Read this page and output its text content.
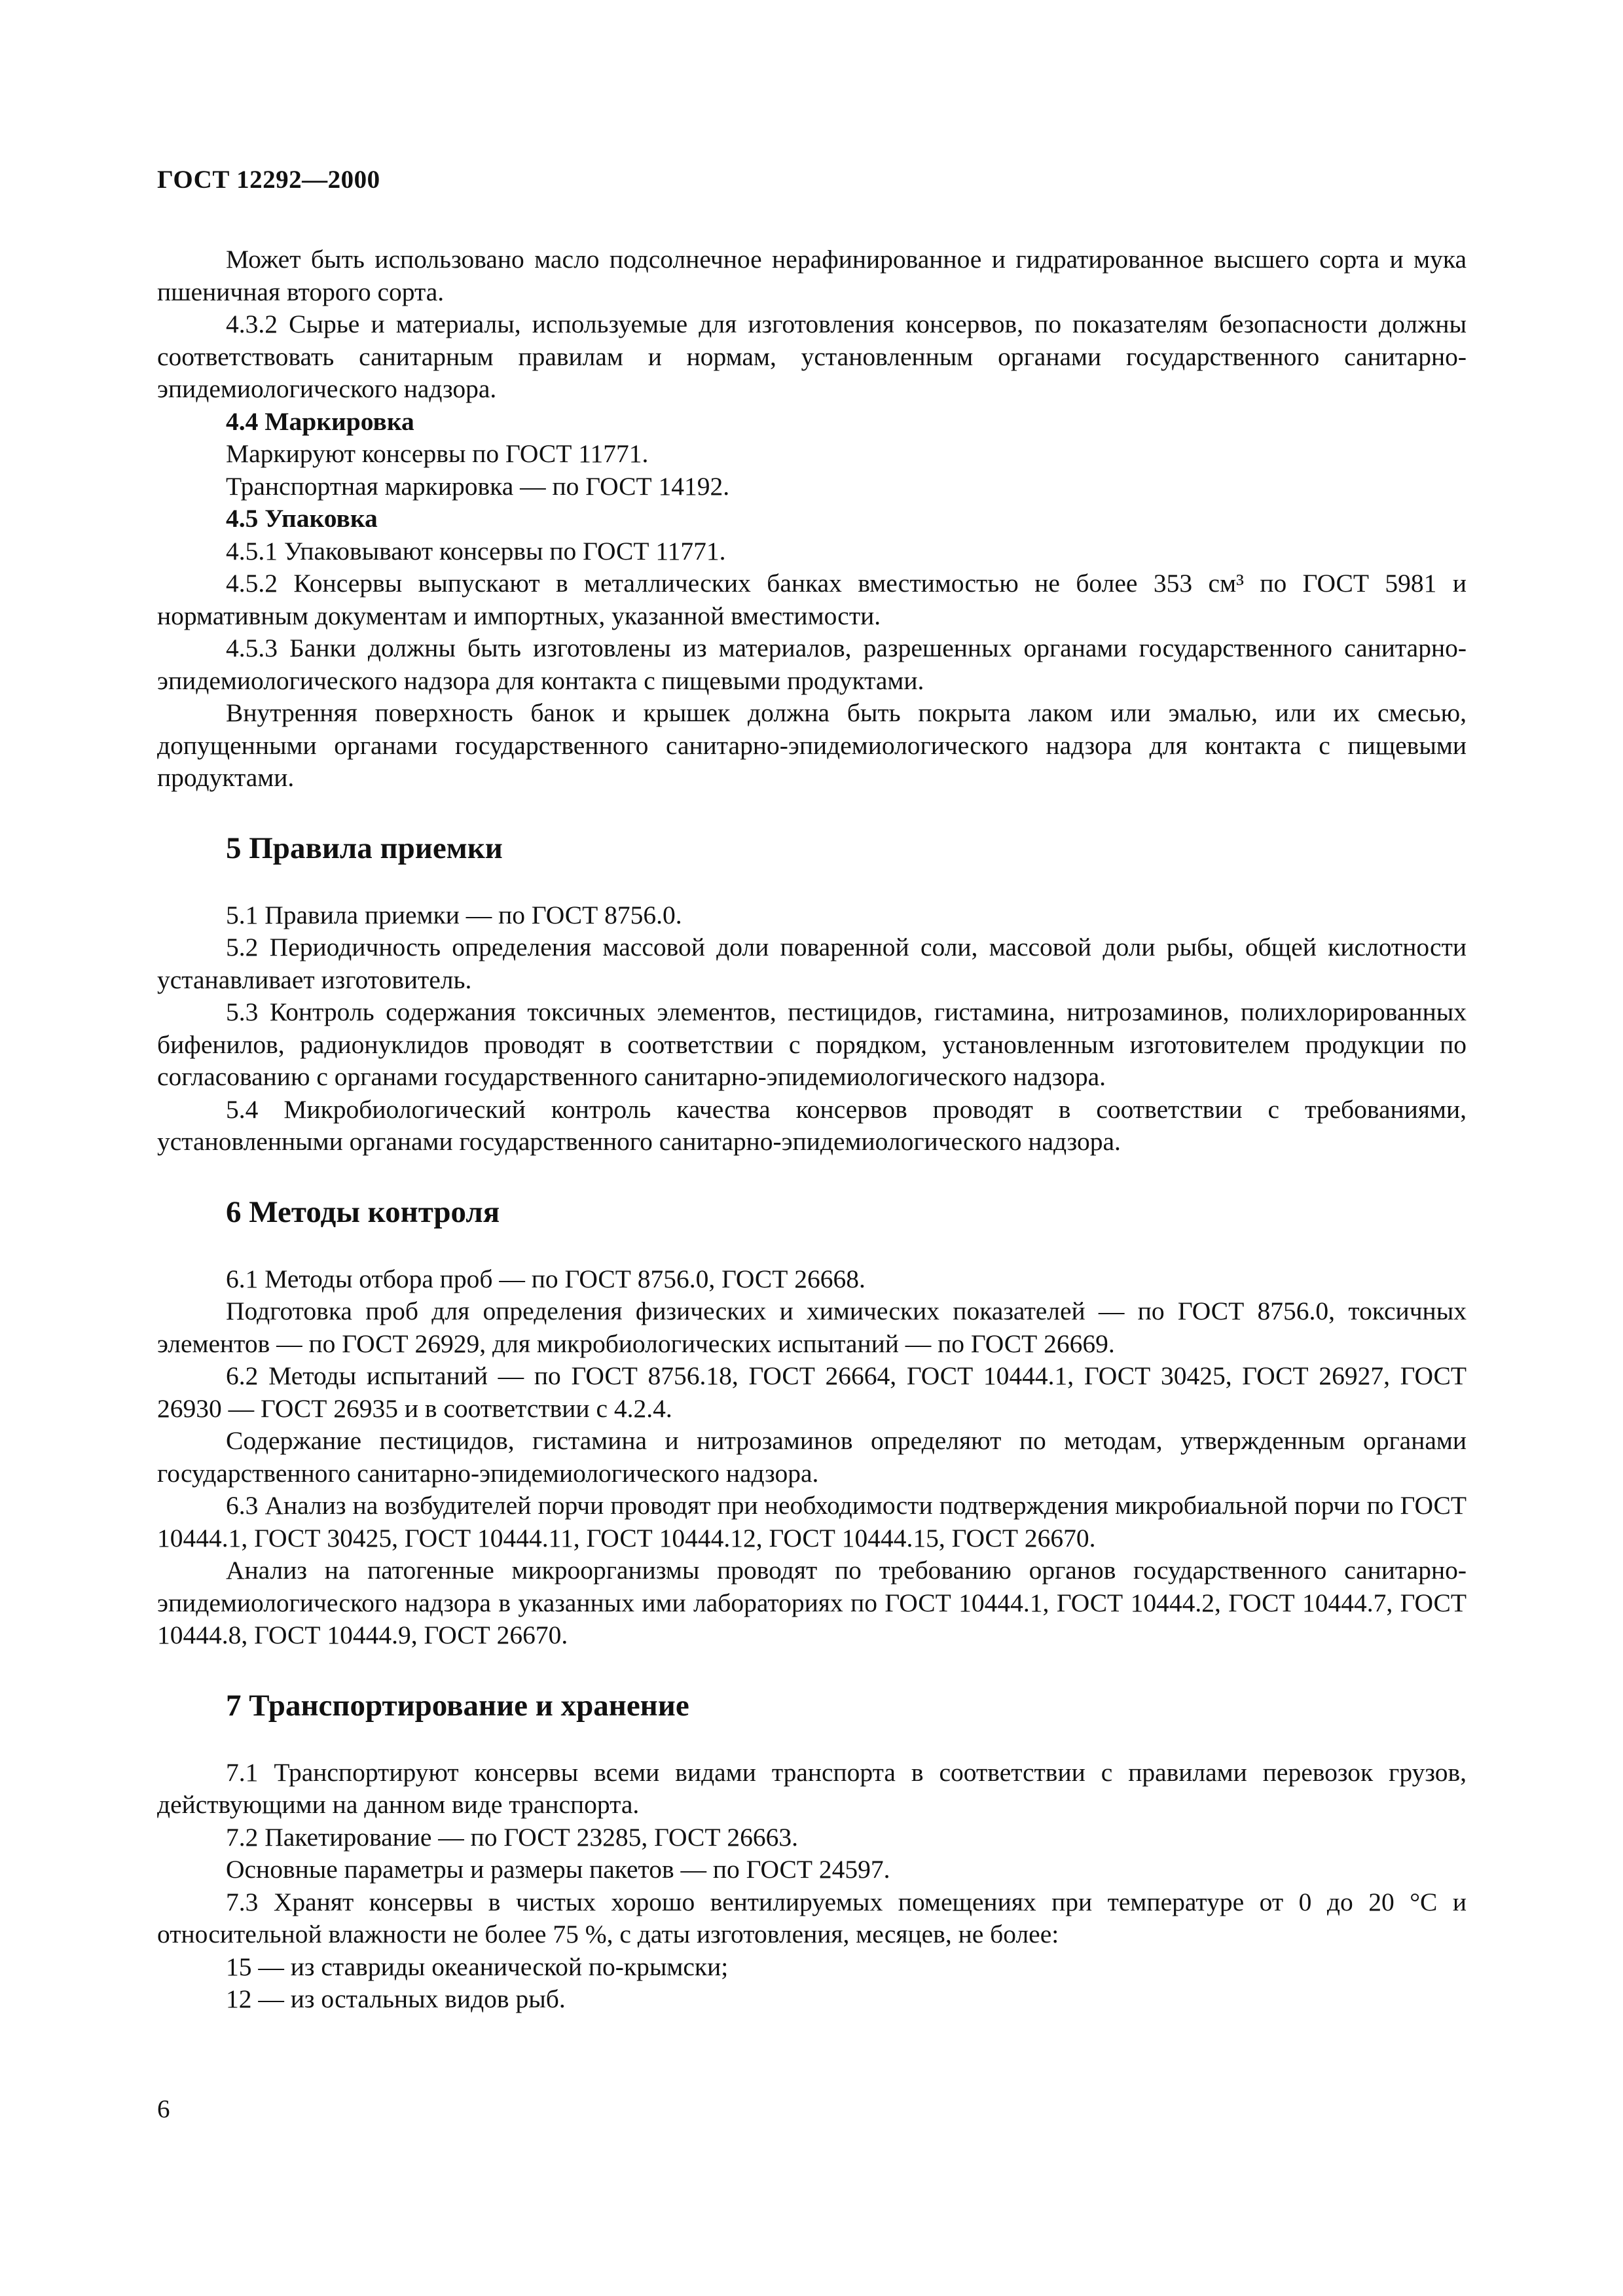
ГОСТ 12292—2000

Может быть использовано масло подсолнечное нерафинированное и гидратированное высшего сорта и мука пшеничная второго сорта.

4.3.2 Сырье и материалы, используемые для изготовления консервов, по показателям безопасности должны соответствовать санитарным правилам и нормам, установленным органами государственного санитарно-эпидемиологического надзора.

4.4 Маркировка

Маркируют консервы по ГОСТ 11771.

Транспортная маркировка — по ГОСТ 14192.

4.5 Упаковка

4.5.1 Упаковывают консервы по ГОСТ 11771.

4.5.2 Консервы выпускают в металлических банках вместимостью не более 353 см³ по ГОСТ 5981 и нормативным документам и импортных, указанной вместимости.

4.5.3 Банки должны быть изготовлены из материалов, разрешенных органами государственного санитарно-эпидемиологического надзора для контакта с пищевыми продуктами.

Внутренняя поверхность банок и крышек должна быть покрыта лаком или эмалью, или их смесью, допущенными органами государственного санитарно-эпидемиологического надзора для контакта с пищевыми продуктами.

5 Правила приемки

5.1 Правила приемки — по ГОСТ 8756.0.

5.2 Периодичность определения массовой доли поваренной соли, массовой доли рыбы, общей кислотности устанавливает изготовитель.

5.3 Контроль содержания токсичных элементов, пестицидов, гистамина, нитрозаминов, полихлорированных бифенилов, радионуклидов проводят в соответствии с порядком, установленным изготовителем продукции по согласованию с органами государственного санитарно-эпидемиологического надзора.

5.4 Микробиологический контроль качества консервов проводят в соответствии с требованиями, установленными органами государственного санитарно-эпидемиологического надзора.

6 Методы контроля

6.1 Методы отбора проб — по ГОСТ 8756.0, ГОСТ 26668.

Подготовка проб для определения физических и химических показателей — по ГОСТ 8756.0, токсичных элементов — по ГОСТ 26929, для микробиологических испытаний — по ГОСТ 26669.

6.2 Методы испытаний — по ГОСТ 8756.18, ГОСТ 26664, ГОСТ 10444.1, ГОСТ 30425, ГОСТ 26927, ГОСТ 26930 — ГОСТ 26935 и в соответствии с 4.2.4.

Содержание пестицидов, гистамина и нитрозаминов определяют по методам, утвержденным органами государственного санитарно-эпидемиологического надзора.

6.3 Анализ на возбудителей порчи проводят при необходимости подтверждения микробиальной порчи по ГОСТ 10444.1, ГОСТ 30425, ГОСТ 10444.11, ГОСТ 10444.12, ГОСТ 10444.15, ГОСТ 26670.

Анализ на патогенные микроорганизмы проводят по требованию органов государственного санитарно-эпидемиологического надзора в указанных ими лабораториях по ГОСТ 10444.1, ГОСТ 10444.2, ГОСТ 10444.7, ГОСТ 10444.8, ГОСТ 10444.9, ГОСТ 26670.

7 Транспортирование и хранение

7.1 Транспортируют консервы всеми видами транспорта в соответствии с правилами перевозок грузов, действующими на данном виде транспорта.

7.2 Пакетирование — по ГОСТ 23285, ГОСТ 26663.

Основные параметры и размеры пакетов — по ГОСТ 24597.

7.3 Хранят консервы в чистых хорошо вентилируемых помещениях при температуре от 0 до 20 °С и относительной влажности не более 75 %, с даты изготовления, месяцев, не более:

15 — из ставриды океанической по-крымски;

12 — из остальных видов рыб.

6
